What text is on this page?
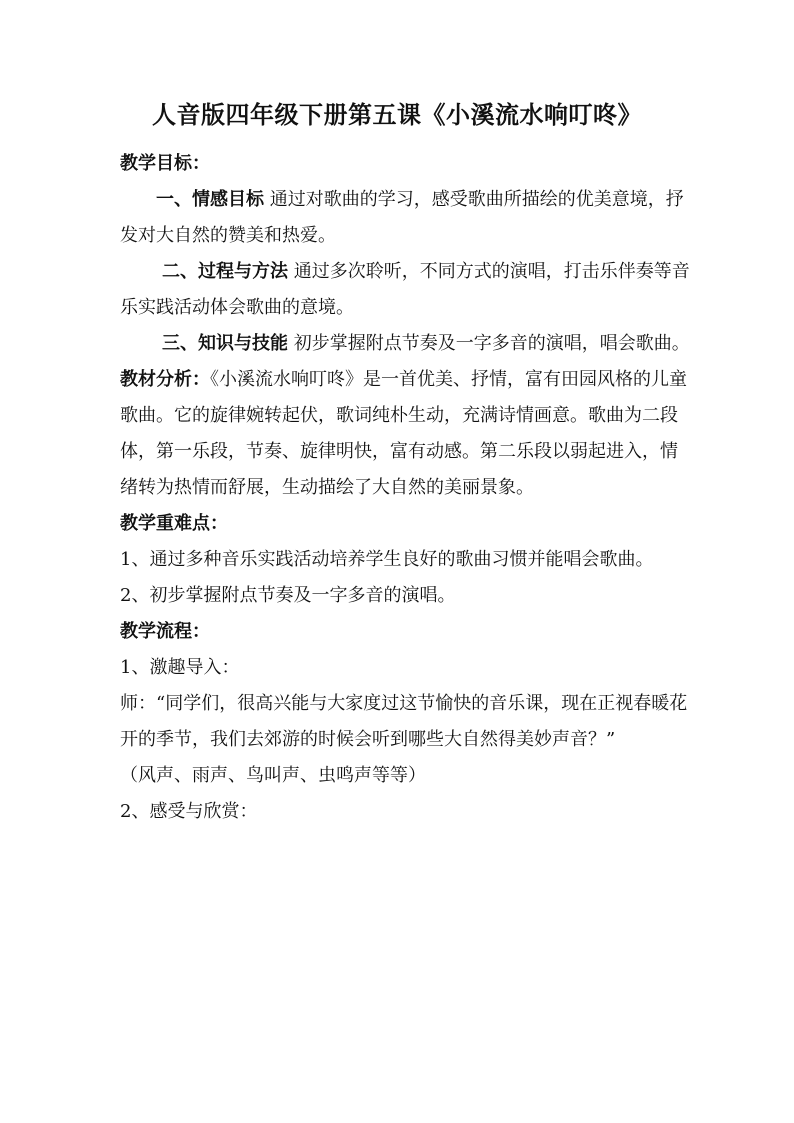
人音版四年级下册第五课《小溪流水响叮咚》

教学目标：

一、情感目标 通过对歌曲的学习，感受歌曲所描绘的优美意境，抒发对大自然的赞美和热爱。

二、过程与方法 通过多次聆听，不同方式的演唱，打击乐伴奏等音乐实践活动体会歌曲的意境。

三、知识与技能 初步掌握附点节奏及一字多音的演唱，唱会歌曲。

教材分析：《小溪流水响叮咚》是一首优美、抒情，富有田园风格的儿童歌曲。它的旋律婉转起伏，歌词纯朴生动，充满诗情画意。歌曲为二段体，第一乐段，节奏、旋律明快，富有动感。第二乐段以弱起进入，情绪转为热情而舒展，生动描绘了大自然的美丽景象。

教学重难点：

1、通过多种音乐实践活动培养学生良好的歌曲习惯并能唱会歌曲。

2、初步掌握附点节奏及一字多音的演唱。

教学流程：

1、激趣导入：

师：“同学们，很高兴能与大家度过这节愉快的音乐课，现在正视春暖花开的季节，我们去郊游的时候会听到哪些大自然得美妙声音？”

（风声、雨声、鸟叫声、虫鸣声等等）

2、感受与欣赏：
